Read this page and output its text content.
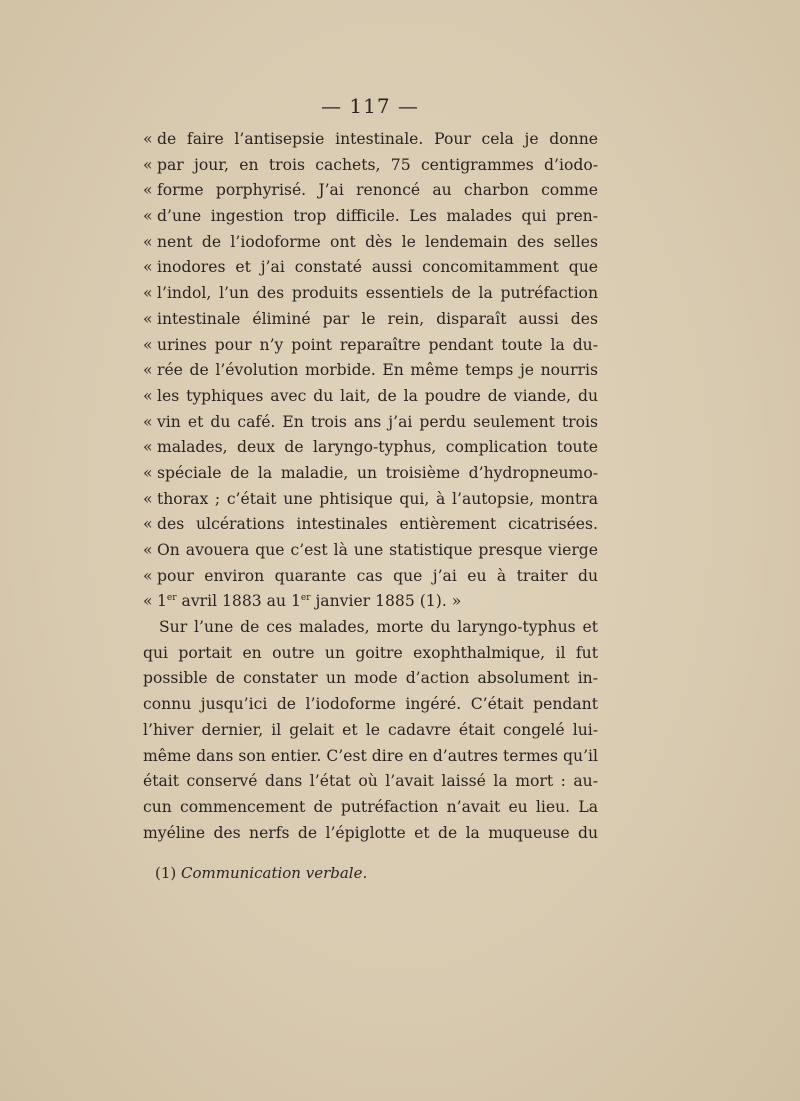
— 117 —
« de faire l’antisepsie intestinale. Pour cela je donne
« par jour, en trois cachets, 75 centigrammes d’iodo-
« forme porphyrisé. J’ai renoncé au charbon comme
« d’une ingestion trop difficile. Les malades qui pren-
« nent de l’iodoforme ont dès le lendemain des selles
« inodores et j’ai constaté aussi concomitamment que
« l’indol, l’un des produits essentiels de la putréfaction
« intestinale éliminé par le rein, disparaît aussi des
« urines pour n’y point reparaître pendant toute la du-
« rée de l’évolution morbide. En même temps je nourris
« les typhiques avec du lait, de la poudre de viande, du
« vin et du café. En trois ans j’ai perdu seulement trois
« malades, deux de laryngo-typhus, complication toute
« spéciale de la maladie, un troisième d’hydropneumo-
« thorax ; c’était une phtisique qui, à l’autopsie, montra
« des ulcérations intestinales entièrement cicatrisées.
« On avouera que c’est là une statistique presque vierge
« pour environ quarante cas que j’ai eu à traiter du
« 1er avril 1883 au 1er janvier 1885 (1). »
Sur l’une de ces malades, morte du laryngo-typhus et
qui portait en outre un goitre exophthalmique, il fut
possible de constater un mode d’action absolument in-
connu jusqu’ici de l’iodoforme ingéré. C’était pendant
l’hiver dernier, il gelait et le cadavre était congelé lui-
même dans son entier. C’est dire en d’autres termes qu’il
était conservé dans l’état où l’avait laissé la mort : au-
cun commencement de putréfaction n’avait eu lieu. La
myéline des nerfs de l’épiglotte et de la muqueuse du
(1) Communication verbale.
